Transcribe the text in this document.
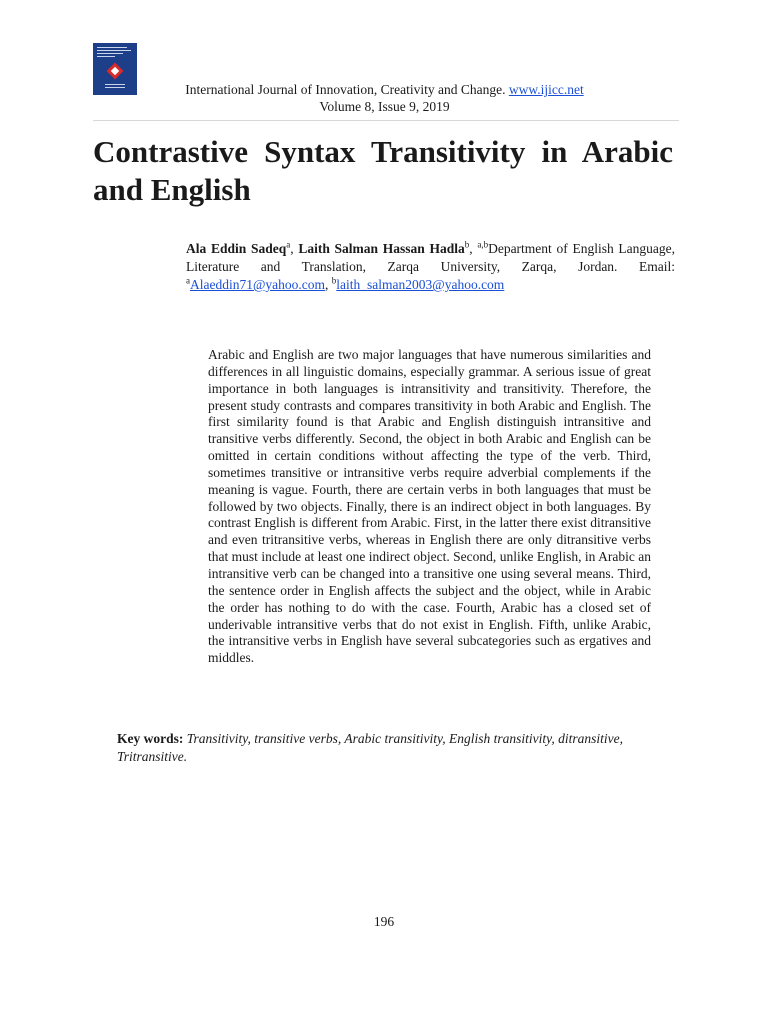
International Journal of Innovation, Creativity and Change. www.ijicc.net
Volume 8, Issue 9, 2019
Contrastive Syntax Transitivity in Arabic and English

Ala Eddin Sadeq$^a$, Laith Salman Hassan Hadla$^b$, $^{a,b}$Department of English Language, Literature and Translation, Zarqa University, Zarqa, Jordan. Email: $^a$Alaeddin71@yahoo.com, $^b$laith_salman2003@yahoo.com

Arabic and English are two major languages that have numerous similarities and differences in all linguistic domains, especially grammar. A serious issue of great importance in both languages is intransitivity and transitivity. Therefore, the present study contrasts and compares transitivity in both Arabic and English. The first similarity found is that Arabic and English distinguish intransitive and transitive verbs differently. Second, the object in both Arabic and English can be omitted in certain conditions without affecting the type of the verb. Third, sometimes transitive or intransitive verbs require adverbial complements if the meaning is vague. Fourth, there are certain verbs in both languages that must be followed by two objects. Finally, there is an indirect object in both languages. By contrast English is different from Arabic. First, in the latter there exist ditransitive and even tritransitive verbs, whereas in English there are only ditransitive verbs that must include at least one indirect object. Second, unlike English, in Arabic an intransitive verb can be changed into a transitive one using several means. Third, the sentence order in English affects the subject and the object, while in Arabic the order has nothing to do with the case. Fourth, Arabic has a closed set of underivable intransitive verbs that do not exist in English. Fifth, unlike Arabic, the intransitive verbs in English have several subcategories such as ergatives and middles.

Key words: Transitivity, transitive verbs, Arabic transitivity, English transitivity, ditransitive, Tritransitive.

196
